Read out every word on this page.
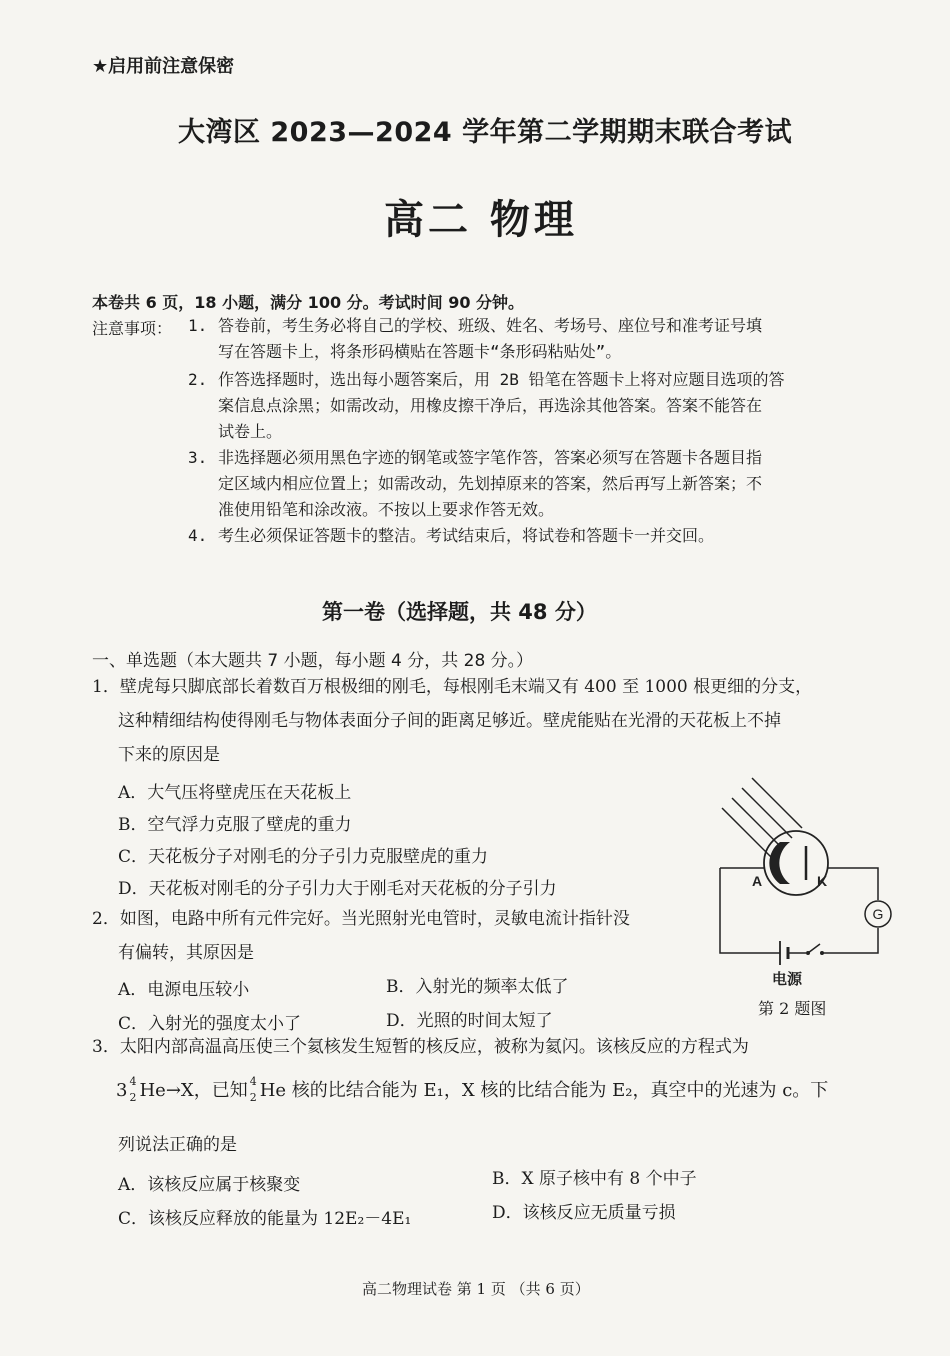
★启用前注意保密
大湾区 2023—2024 学年第二学期期末联合考试
高二 物理
本卷共 6 页，18 小题，满分 100 分。考试时间 90 分钟。
注意事项： 1. 答卷前，考生务必将自己的学校、班级、姓名、考场号、座位号和准考证号填
写在答题卡上，将条形码横贴在答题卡“条形码粘贴处”。
2. 作答选择题时，选出每小题答案后，用 2B 铅笔在答题卡上将对应题目选项的答
案信息点涂黑；如需改动，用橡皮擦干净后，再选涂其他答案。答案不能答在
试卷上。
3. 非选择题必须用黑色字迹的钢笔或签字笔作答，答案必须写在答题卡各题目指
定区域内相应位置上；如需改动，先划掉原来的答案，然后再写上新答案；不
准使用铅笔和涂改液。不按以上要求作答无效。
4. 考生必须保证答题卡的整洁。考试结束后，将试卷和答题卡一并交回。
第一卷（选择题，共 48 分）
一、单选题（本大题共 7 小题，每小题 4 分，共 28 分。）
1．壁虎每只脚底部长着数百万根极细的刚毛，每根刚毛末端又有 400 至 1000 根更细的分支，
这种精细结构使得刚毛与物体表面分子间的距离足够近。壁虎能贴在光滑的天花板上不掉
下来的原因是
A．大气压将壁虎压在天花板上
B．空气浮力克服了壁虎的重力
C．天花板分子对刚毛的分子引力克服壁虎的重力
D．天花板对刚毛的分子引力大于刚毛对天花板的分子引力
2．如图，电路中所有元件完好。当光照射光电管时，灵敏电流计指针没
有偏转，其原因是
A．电源电压较小	B．入射光的频率太低了
C．入射光的强度太小了	D．光照的时间太短了
G
A	K
电源
第 2 题图
3．太阳内部高温高压使三个氦核发生短暂的核反应，被称为氦闪。该核反应的方程式为
3 4
2 He→X，已知 4
2 He 核的比结合能为 E₁，X 核的比结合能为 E₂，真空中的光速为 c。下
列说法正确的是
A．该核反应属于核聚变	B．X 原子核中有 8 个中子
C．该核反应释放的能量为 12E₂－4E₁	D．该核反应无质量亏损
高二物理试卷 第 1 页 （共 6 页）
